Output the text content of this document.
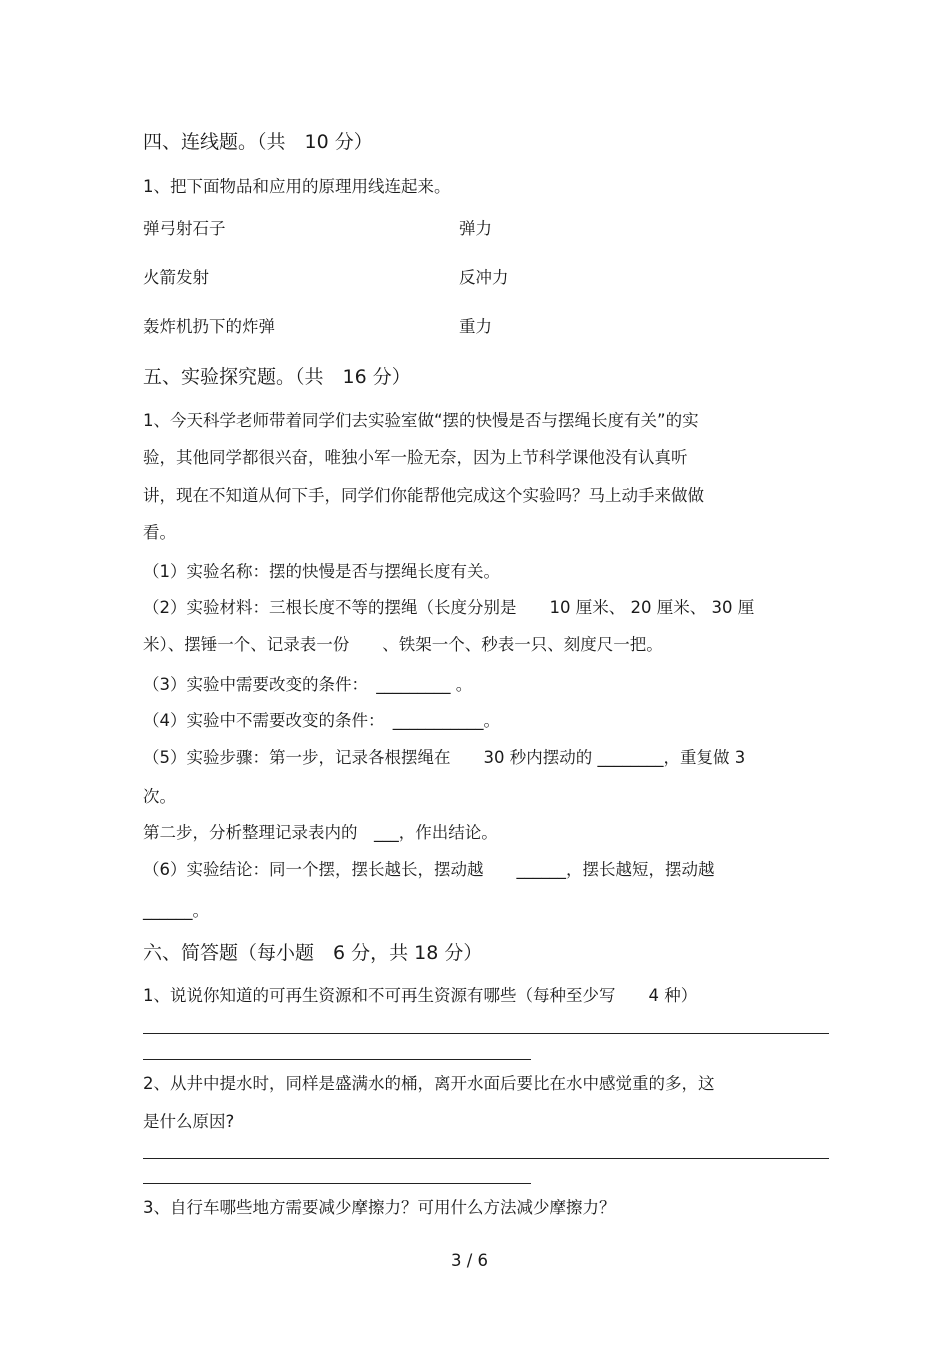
四、连线题。（共　10 分）
1、把下面物品和应用的原理用线连起来。
弹弓射石子	弹力
火箭发射	反冲力
轰炸机扔下的炸弹	重力
五、实验探究题。（共　16 分）
1、今天科学老师带着同学们去实验室做“摆的快慢是否与摆绳长度有关”的实
验，其他同学都很兴奋，唯独小军一脸无奈，因为上节科学课他没有认真听
讲，现在不知道从何下手，同学们你能帮他完成这个实验吗？马上动手来做做
看。
（1）实验名称：摆的快慢是否与摆绳长度有关。
（2）实验材料：三根长度不等的摆绳（长度分别是　　10 厘米、 20 厘米、 30 厘
米）、摆锤一个、记录表一份　　、铁架一个、秒表一只、刻度尺一把。
（3）实验中需要改变的条件：　_________ 。
（4）实验中不需要改变的条件：　___________。
（5）实验步骤：第一步，记录各根摆绳在　　30 秒内摆动的 ________，重复做 3
次。
第二步，分析整理记录表内的　___，作出结论。
（6）实验结论：同一个摆，摆长越长，摆动越　　______，摆长越短，摆动越
______。
六、简答题（每小题　6 分，共 18 分）
1、说说你知道的可再生资源和不可再生资源有哪些（每种至少写　　4 种）
2、从井中提水时，同样是盛满水的桶，离开水面后要比在水中感觉重的多，这
是什么原因?
3、自行车哪些地方需要减少摩擦力？可用什么方法减少摩擦力？
3 / 6
